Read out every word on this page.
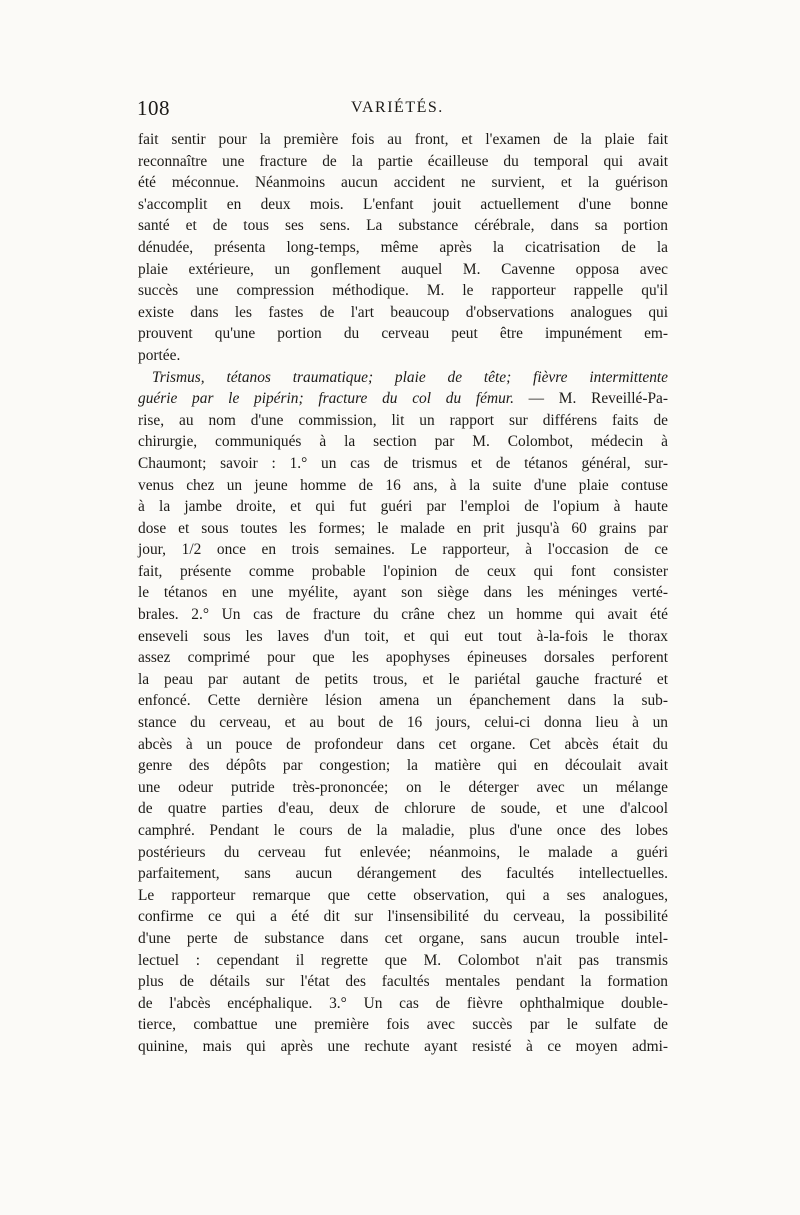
108	VARIÉTÉS.
fait sentir pour la première fois au front, et l'examen de la plaie fait
reconnaître une fracture de la partie écailleuse du temporal qui avait
été méconnue. Néanmoins aucun accident ne survient, et la guérison
s'accomplit en deux mois. L'enfant jouit actuellement d'une bonne
santé et de tous ses sens. La substance cérébrale, dans sa portion
dénudée, présenta long-temps, même après la cicatrisation de la
plaie extérieure, un gonflement auquel M. Cavenne opposa avec
succès une compression méthodique. M. le rapporteur rappelle qu'il
existe dans les fastes de l'art beaucoup d'observations analogues qui
prouvent qu'une portion du cerveau peut être impunément em-
portée.
Trismus, tétanos traumatique; plaie de tête; fièvre intermittente
guérie par le pipérin; fracture du col du fémur. — M. Reveillé-Pa-
rise, au nom d'une commission, lit un rapport sur différens faits de
chirurgie, communiqués à la section par M. Colombot, médecin à
Chaumont; savoir : 1.° un cas de trismus et de tétanos général, sur-
venus chez un jeune homme de 16 ans, à la suite d'une plaie contuse
à la jambe droite, et qui fut guéri par l'emploi de l'opium à haute
dose et sous toutes les formes; le malade en prit jusqu'à 60 grains par
jour, 1/2 once en trois semaines. Le rapporteur, à l'occasion de ce
fait, présente comme probable l'opinion de ceux qui font consister
le tétanos en une myélite, ayant son siège dans les méninges verté-
brales. 2.° Un cas de fracture du crâne chez un homme qui avait été
enseveli sous les laves d'un toit, et qui eut tout à-la-fois le thorax
assez comprimé pour que les apophyses épineuses dorsales perforent
la peau par autant de petits trous, et le pariétal gauche fracturé et
enfoncé. Cette dernière lésion amena un épanchement dans la sub-
stance du cerveau, et au bout de 16 jours, celui-ci donna lieu à un
abcès à un pouce de profondeur dans cet organe. Cet abcès était du
genre des dépôts par congestion; la matière qui en découlait avait
une odeur putride très-prononcée; on le déterger avec un mélange
de quatre parties d'eau, deux de chlorure de soude, et une d'alcool
camphré. Pendant le cours de la maladie, plus d'une once des lobes
postérieurs du cerveau fut enlevée; néanmoins, le malade a guéri
parfaitement, sans aucun dérangement des facultés intellectuelles.
Le rapporteur remarque que cette observation, qui a ses analogues,
confirme ce qui a été dit sur l'insensibilité du cerveau, la possibilité
d'une perte de substance dans cet organe, sans aucun trouble intel-
lectuel : cependant il regrette que M. Colombot n'ait pas transmis
plus de détails sur l'état des facultés mentales pendant la formation
de l'abcès encéphalique. 3.° Un cas de fièvre ophthalmique double-
tierce, combattue une première fois avec succès par le sulfate de
quinine, mais qui après une rechute ayant resisté à ce moyen admi-
